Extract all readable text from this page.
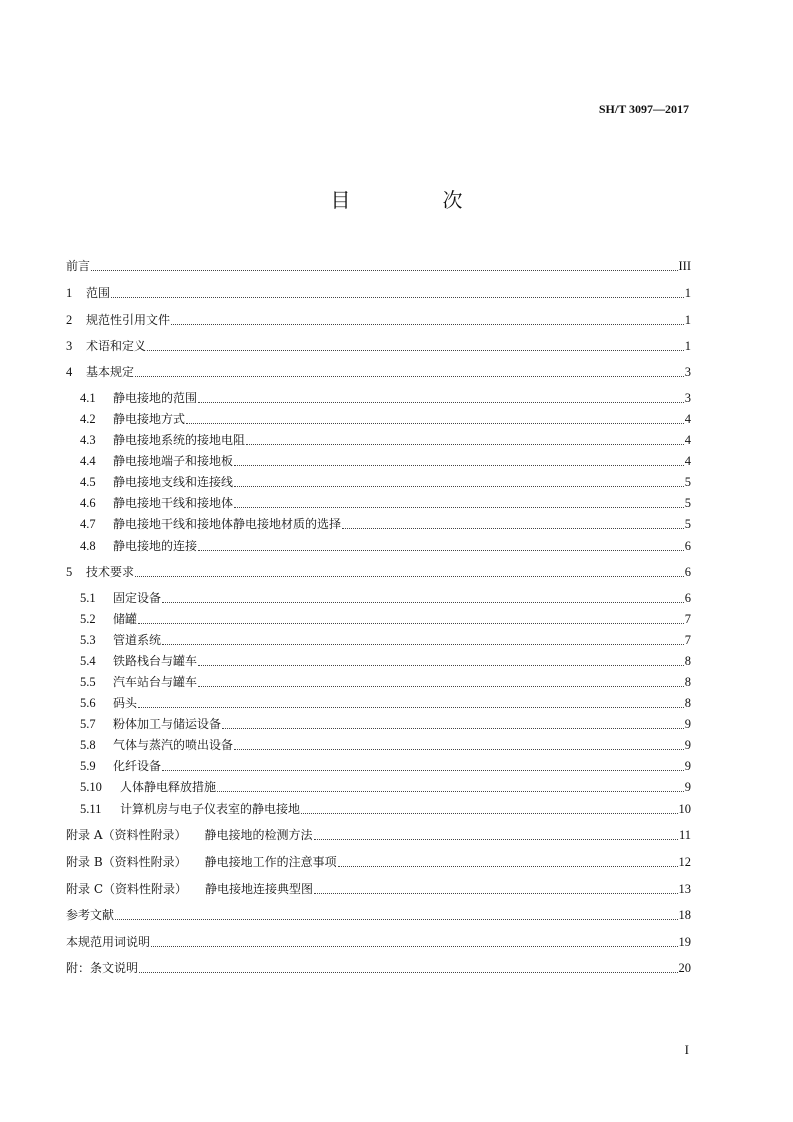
SH/T 3097—2017
目　次
前言	III
1	范围	1
2	规范性引用文件	1
3	术语和定义	1
4	基本规定	3
4.1	静电接地的范围	3
4.2	静电接地方式	4
4.3	静电接地系统的接地电阻	4
4.4	静电接地端子和接地板	4
4.5	静电接地支线和连接线	5
4.6	静电接地干线和接地体	5
4.7	静电接地干线和接地体静电接地材质的选择	5
4.8	静电接地的连接	6
5	技术要求	6
5.1	固定设备	6
5.2	储罐	7
5.3	管道系统	7
5.4	铁路栈台与罐车	8
5.5	汽车站台与罐车	8
5.6	码头	8
5.7	粉体加工与储运设备	9
5.8	气体与蒸汽的喷出设备	9
5.9	化纤设备	9
5.10	人体静电释放措施	9
5.11	计算机房与电子仪表室的静电接地	10
附录 A（资料性附录） 静电接地的检测方法	11
附录 B（资料性附录） 静电接地工作的注意事项	12
附录 C（资料性附录） 静电接地连接典型图	13
参考文献	18
本规范用词说明	19
附：条文说明	20
I
